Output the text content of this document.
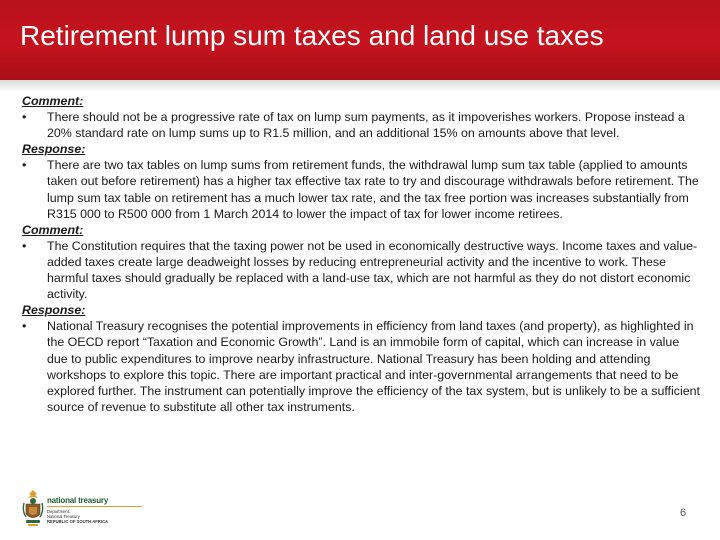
Retirement lump sum taxes and land use taxes
Comment:
•	There should not be a progressive rate of tax on lump sum payments, as it impoverishes workers. Propose instead a 20% standard rate on lump sums up to R1.5 million, and an additional 15% on amounts above that level.
Response:
•	There are two tax tables on lump sums from retirement funds, the withdrawal lump sum tax table (applied to amounts taken out before retirement) has a higher tax effective tax rate to try and discourage withdrawals before retirement. The lump sum tax table on retirement has a much lower tax rate, and the tax free portion was increases substantially from R315 000 to R500 000 from 1 March 2014 to lower the impact of tax for lower income retirees.
Comment:
•	The Constitution requires that the taxing power not be used in economically destructive ways. Income taxes and value-added taxes create large deadweight losses by reducing entrepreneurial activity and the incentive to work. These harmful taxes should gradually be replaced with a land-use tax, which are not harmful as they do not distort economic activity.
Response:
•	National Treasury recognises the potential improvements in efficiency from land taxes (and property), as highlighted in the OECD report “Taxation and Economic Growth”. Land is an immobile form of capital, which can increase in value due to public expenditures to improve nearby infrastructure. National Treasury has been holding and attending workshops to explore this topic. There are important practical and inter-governmental arrangements that need to be explored further. The instrument can potentially improve the efficiency of the tax system, but is unlikely to be a sufficient source of revenue to substitute all other tax instruments.
national treasury
Department:
National Treasury
REPUBLIC OF SOUTH AFRICA
6
